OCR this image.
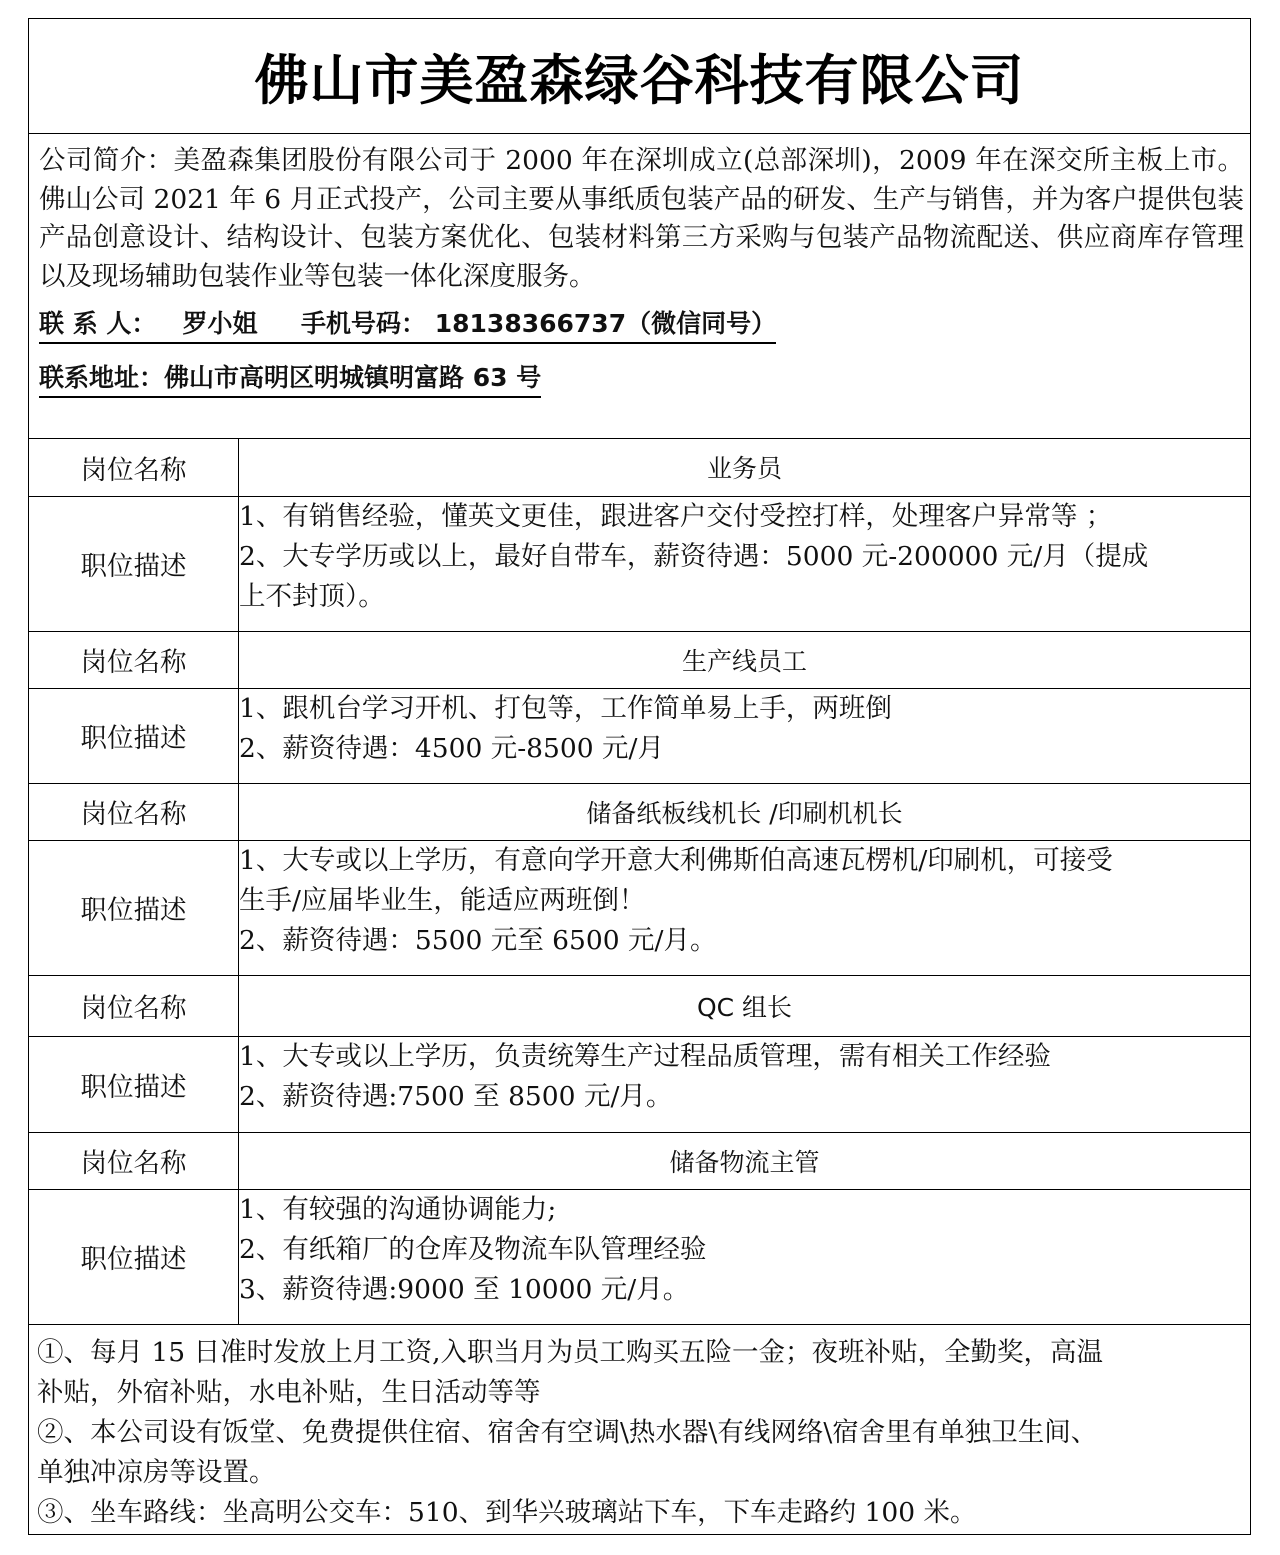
佛山市美盈森绿谷科技有限公司
公司简介：美盈森集团股份有限公司于 2000 年在深圳成立(总部深圳)，2009 年在深交所主板上市。佛山公司 2021 年 6 月正式投产，公司主要从事纸质包装产品的研发、生产与销售，并为客户提供包装产品创意设计、结构设计、包装方案优化、包装材料第三方采购与包装产品物流配送、供应商库存管理以及现场辅助包装作业等包装一体化深度服务。
联 系 人：   罗小姐     手机号码： 18138366737（微信同号）
联系地址：佛山市高明区明城镇明富路 63 号
岗位名称	业务员
职位描述	1、有销售经验，懂英文更佳，跟进客户交付受控打样，处理客户异常等 ；
2、大专学历或以上，最好自带车，薪资待遇：5000 元-200000 元/月（提成
上不封顶）。

岗位名称	生产线员工
职位描述	1、跟机台学习开机、打包等，工作简单易上手，两班倒
2、薪资待遇：4500 元-8500 元/月

岗位名称	储备纸板线机长 /印刷机机长
职位描述	1、大专或以上学历，有意向学开意大利佛斯伯高速瓦楞机/印刷机，可接受
生手/应届毕业生，能适应两班倒！
2、薪资待遇：5500 元至 6500 元/月。

岗位名称	QC 组长
职位描述	1、大专或以上学历，负责统筹生产过程品质管理，需有相关工作经验
2、薪资待遇:7500 至 8500 元/月。

岗位名称	储备物流主管
职位描述	1、有较强的沟通协调能力;
2、有纸箱厂的仓库及物流车队管理经验
3、薪资待遇:9000 至 10000 元/月。
①、每月 15 日准时发放上月工资,入职当月为员工购买五险一金；夜班补贴，全勤奖，高温
补贴，外宿补贴，水电补贴，生日活动等等
②、本公司设有饭堂、免费提供住宿、宿舍有空调\热水器\有线网络\宿舍里有单独卫生间、
单独冲凉房等设置。
③、坐车路线：坐高明公交车：510、到华兴玻璃站下车，下车走路约 100 米。
